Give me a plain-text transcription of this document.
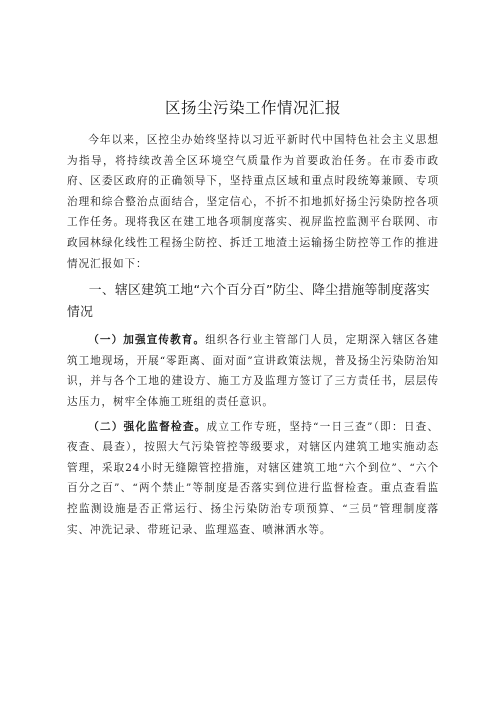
区扬尘污染工作情况汇报

今年以来，区控尘办始终坚持以习近平新时代中国特色社会主义思想为指导，将持续改善全区环境空气质量作为首要政治任务。在市委市政府、区委区政府的正确领导下，坚持重点区域和重点时段统筹兼顾、专项治理和综合整治点面结合，坚定信心，不折不扣地抓好扬尘污染防控各项工作任务。现将我区在建工地各项制度落实、视屏监控监测平台联网、市政园林绿化线性工程扬尘防控、拆迁工地渣土运输扬尘防控等工作的推进情况汇报如下：

一、辖区建筑工地“六个百分百”防尘、降尘措施等制度落实情况

（一）加强宣传教育。组织各行业主管部门人员，定期深入辖区各建筑工地现场，开展“零距离、面对面”宣讲政策法规，普及扬尘污染防治知识，并与各个工地的建设方、施工方及监理方签订了三方责任书，层层传达压力，树牢全体施工班组的责任意识。

（二）强化监督检查。成立工作专班，坚持“一日三查”（即：日查、夜查、晨查），按照大气污染管控等级要求，对辖区内建筑工地实施动态管理，采取24小时无缝隙管控措施，对辖区建筑工地“六个到位”、“六个百分之百”、“两个禁止”等制度是否落实到位进行监督检查。重点查看监控监测设施是否正常运行、扬尘污染防治专项预算、“三员”管理制度落实、冲洗记录、带班记录、监理巡查、喷淋洒水等。
